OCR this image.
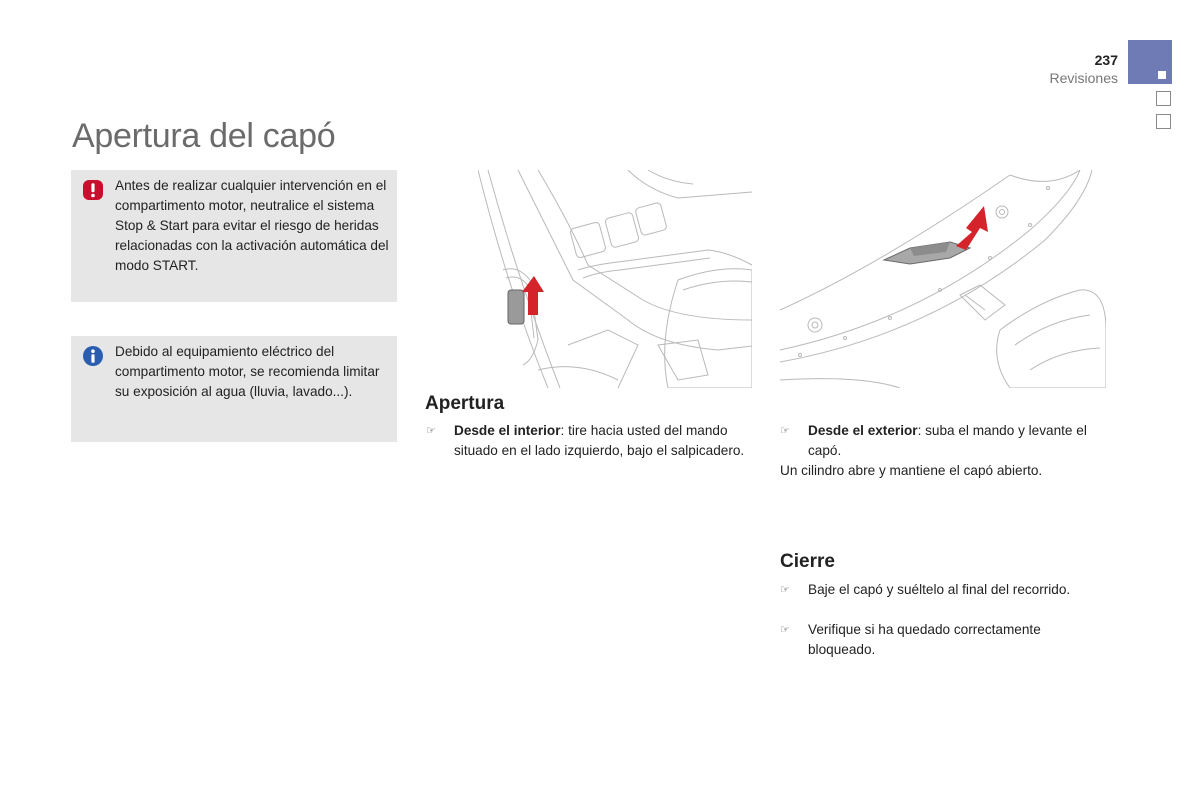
237
Revisiones
Apertura del capó
Antes de realizar cualquier intervención en el compartimento motor, neutralice el sistema Stop & Start para evitar el riesgo de heridas relacionadas con la activación automática del modo START.
Debido al equipamiento eléctrico del compartimento motor, se recomienda limitar su exposición al agua (lluvia, lavado...).
Apertura
☞	Desde el interior: tire hacia usted del mando situado en el lado izquierdo, bajo el salpicadero.
☞	Desde el exterior: suba el mando y levante el capó.
Un cilindro abre y mantiene el capó abierto.
Cierre
☞	Baje el capó y suéltelo al final del recorrido.
☞	Verifique si ha quedado correctamente bloqueado.
